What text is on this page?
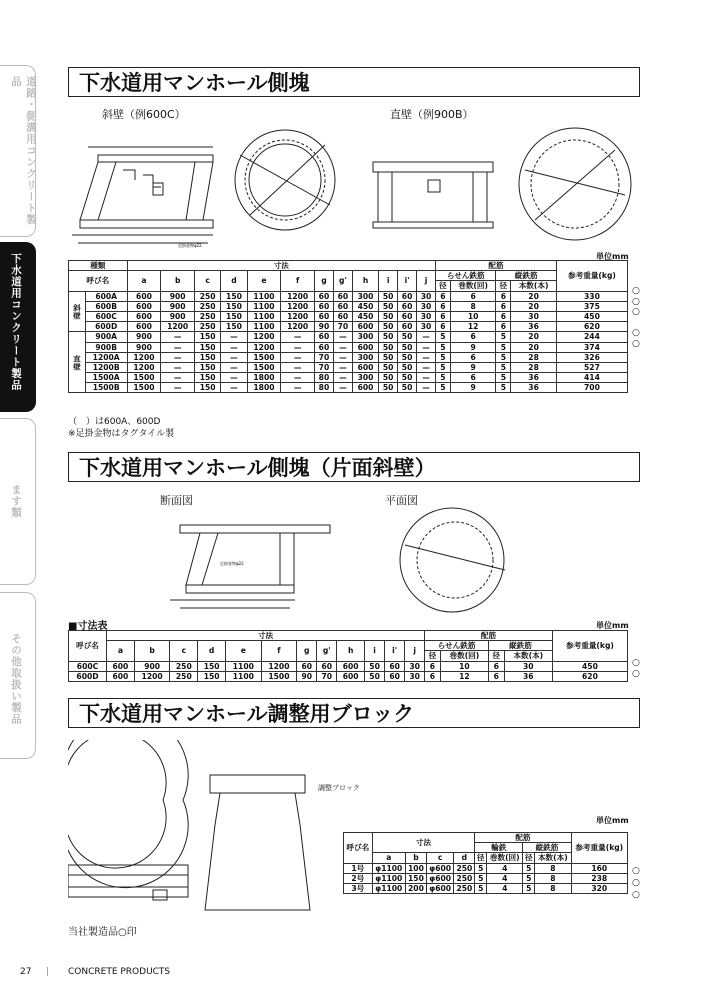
道路・側溝用コンクリート製品
下水道用コンクリート製品
ます類
その他取扱い製品
下水道用マンホール側塊
斜壁（例600C）	直壁（例900B）
足掛金物φ22
単位mm
種類		寸法												配筋				参考重量(kg)
呼び名		a	b	c	d	e	f	g	g'	h	i	i'	j	らせん鉄筋		縦鉄筋		
														径	巻数(回)	径	本数(本)	
斜壁	600A	600	900	250	150	1100	1200	60	60	300	50	60	30	6	6	6	20	330
	600B	600	900	250	150	1100	1200	60	60	450	50	60	30	6	8	6	20	375
	600C	600	900	250	150	1100	1200	60	60	450	50	60	30	6	10	6	30	450
	600D	600	1200	250	150	1100	1200	90	70	600	50	60	30	6	12	6	36	620
直壁	900A	900	—	150	—	1200	—	60	—	300	50	50	—	5	6	5	20	244
	900B	900	—	150	—	1200	—	60	—	600	50	50	—	5	9	5	20	374
	1200A	1200	—	150	—	1500	—	70	—	300	50	50	—	5	6	5	28	326
	1200B	1200	—	150	—	1500	—	70	—	600	50	50	—	5	9	5	28	527
	1500A	1500	—	150	—	1800	—	80	—	300	50	50	—	5	6	5	36	414
	1500B	1500	—	150	—	1800	—	80	—	600	50	50	—	5	9	5	36	700
○
○
○
○
○
（　）は600A、600D
※足掛金物はタグタイル製
下水道用マンホール側塊（片面斜壁）
断面図	平面図
足掛金物φ22
■寸法表	単位mm
呼び名	寸法												配筋				参考重量(kg)
	a	b	c	d	e	f	g	g'	h	i	i'	j	らせん鉄筋		縦鉄筋		
													径	巻数(回)	径	本数(本)	
600C	600	900	250	150	1100	1200	60	60	600	50	60	30	6	10	6	30	450
600D	600	1200	250	150	1100	1500	90	70	600	50	60	30	6	12	6	36	620
○
○
下水道用マンホール調整用ブロック
調整ブロック
単位mm
呼び名	寸法				配筋				参考重量(kg)
					輪鉄		縦鉄筋		
	a	b	c	d	径	巻数(回)	径	本数(本)	
1号	φ1100	100	φ600	250	5	4	5	8	160
2号	φ1100	150	φ600	250	5	4	5	8	238
3号	φ1100	200	φ600	250	5	4	5	8	320
○
○
○
当社製造品○印
27 | CONCRETE PRODUCTS
